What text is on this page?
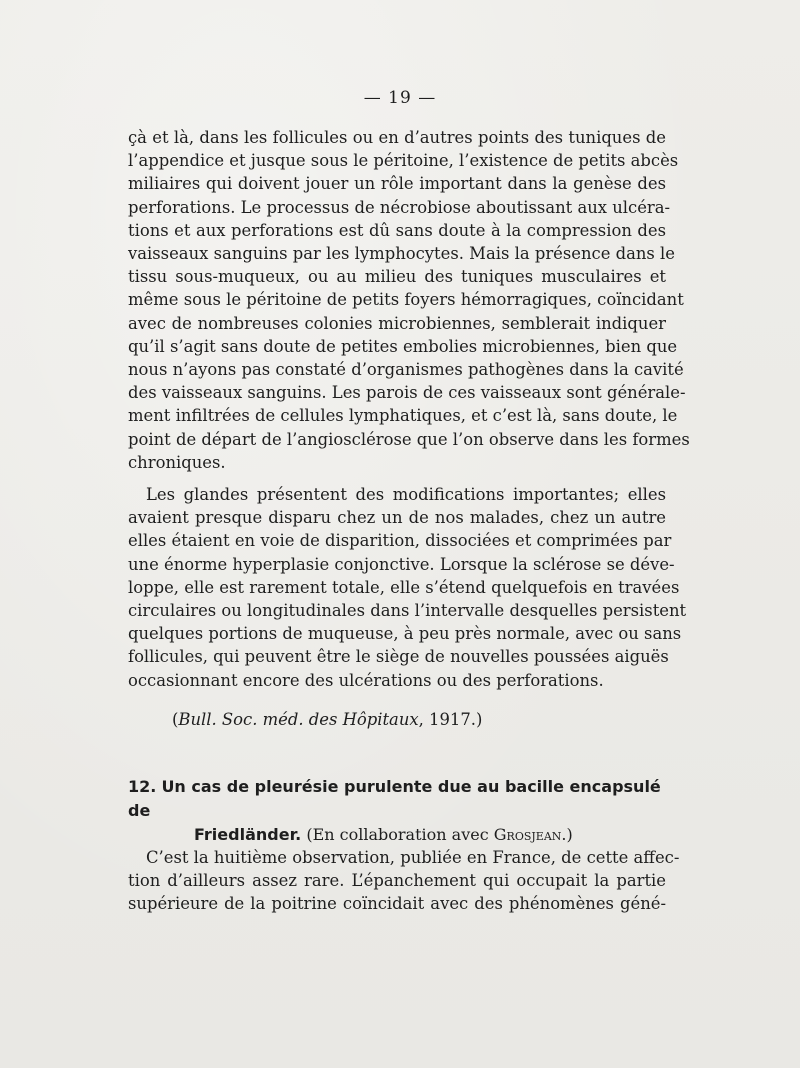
— 19 —
çà et là, dans les follicules ou en d’autres points des tuniques de
l’appendice et jusque sous le péritoine, l’existence de petits abcès
miliaires qui doivent jouer un rôle important dans la genèse des
perforations. Le processus de nécrobiose aboutissant aux ulcéra-
tions et aux perforations est dû sans doute à la compression des
vaisseaux sanguins par les lymphocytes. Mais la présence dans le
tissu sous-muqueux, ou au milieu des tuniques musculaires et
même sous le péritoine de petits foyers hémorragiques, coïncidant
avec de nombreuses colonies microbiennes, semblerait indiquer
qu’il s’agit sans doute de petites embolies microbiennes, bien que
nous n’ayons pas constaté d’organismes pathogènes dans la cavité
des vaisseaux sanguins. Les parois de ces vaisseaux sont générale-
ment infiltrées de cellules lymphatiques, et c’est là, sans doute, le
point de départ de l’angiosclérose que l’on observe dans les formes
chroniques.
Les glandes présentent des modifications importantes; elles
avaient presque disparu chez un de nos malades, chez un autre
elles étaient en voie de disparition, dissociées et comprimées par
une énorme hyperplasie conjonctive. Lorsque la sclérose se déve-
loppe, elle est rarement totale, elle s’étend quelquefois en travées
circulaires ou longitudinales dans l’intervalle desquelles persistent
quelques portions de muqueuse, à peu près normale, avec ou sans
follicules, qui peuvent être le siège de nouvelles poussées aiguës
occasionnant encore des ulcérations ou des perforations.
(Bull. Soc. méd. des Hôpitaux, 1917.)
12. Un cas de pleurésie purulente due au bacille encapsulé de
Friedländer. (En collaboration avec Grosjean.)
C’est la huitième observation, publiée en France, de cette affec-
tion d’ailleurs assez rare. L’épanchement qui occupait la partie
supérieure de la poitrine coïncidait avec des phénomènes géné-
